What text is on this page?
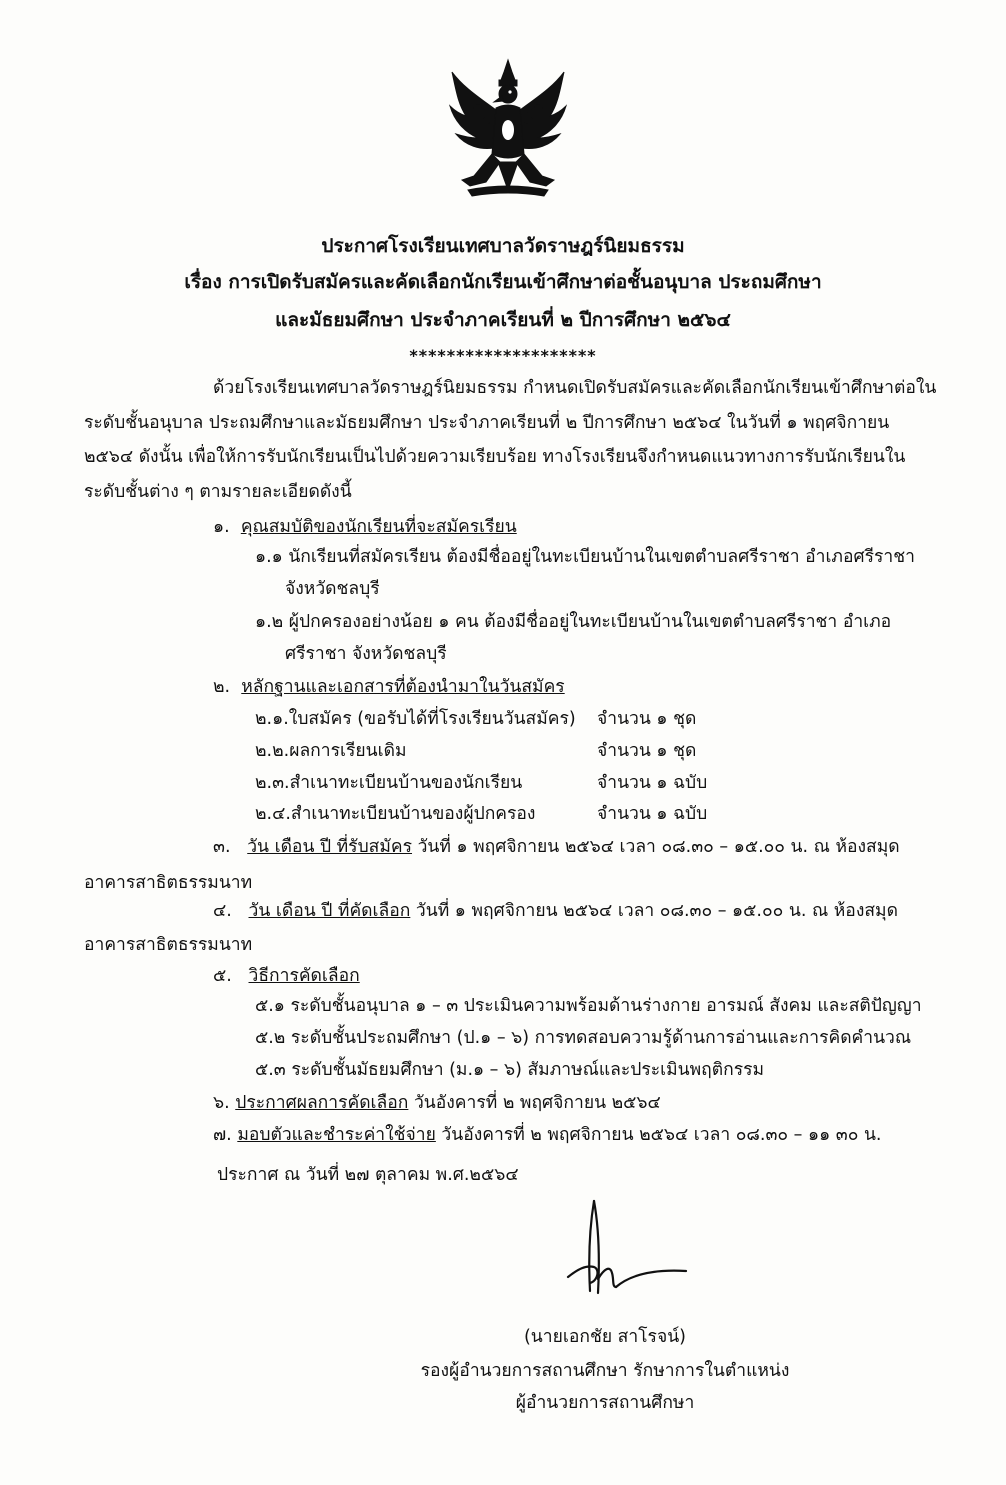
ประกาศโรงเรียนเทศบาลวัดราษฎร์นิยมธรรม
เรื่อง การเปิดรับสมัครและคัดเลือกนักเรียนเข้าศึกษาต่อชั้นอนุบาล ประถมศึกษา
และมัธยมศึกษา ประจำภาคเรียนที่ ๒ ปีการศึกษา ๒๕๖๔
********************
ด้วยโรงเรียนเทศบาลวัดราษฎร์นิยมธรรม กำหนดเปิดรับสมัครและคัดเลือกนักเรียนเข้าศึกษาต่อใน
ระดับชั้นอนุบาล ประถมศึกษาและมัธยมศึกษา ประจำภาคเรียนที่ ๒ ปีการศึกษา ๒๕๖๔ ในวันที่ ๑ พฤศจิกายน
๒๕๖๔ ดังนั้น เพื่อให้การรับนักเรียนเป็นไปด้วยความเรียบร้อย ทางโรงเรียนจึงกำหนดแนวทางการรับนักเรียนใน
ระดับชั้นต่าง ๆ ตามรายละเอียดดังนี้
๑. คุณสมบัติของนักเรียนที่จะสมัครเรียน
๑.๑ นักเรียนที่สมัครเรียน ต้องมีชื่ออยู่ในทะเบียนบ้านในเขตตำบลศรีราชา อำเภอศรีราชา
จังหวัดชลบุรี
๑.๒ ผู้ปกครองอย่างน้อย ๑ คน ต้องมีชื่ออยู่ในทะเบียนบ้านในเขตตำบลศรีราชา อำเภอ
ศรีราชา จังหวัดชลบุรี
๒. หลักฐานและเอกสารที่ต้องนำมาในวันสมัคร
๒.๑.ใบสมัคร (ขอรับได้ที่โรงเรียนวันสมัคร) จำนวน ๑ ชุด
๒.๒.ผลการเรียนเดิม	จำนวน ๑ ชุด
๒.๓.สำเนาทะเบียนบ้านของนักเรียน	จำนวน ๑ ฉบับ
๒.๔.สำเนาทะเบียนบ้านของผู้ปกครอง	จำนวน ๑ ฉบับ
๓. วัน เดือน ปี ที่รับสมัคร วันที่ ๑ พฤศจิกายน ๒๕๖๔ เวลา ๐๘.๓๐ – ๑๕.๐๐ น. ณ ห้องสมุด
อาคารสาธิตธรรมนาท
๔. วัน เดือน ปี ที่คัดเลือก วันที่ ๑ พฤศจิกายน ๒๕๖๔ เวลา ๐๘.๓๐ – ๑๕.๐๐ น. ณ ห้องสมุด
อาคารสาธิตธรรมนาท
๕. วิธีการคัดเลือก
๕.๑ ระดับชั้นอนุบาล ๑ – ๓ ประเมินความพร้อมด้านร่างกาย อารมณ์ สังคม และสติปัญญา
๕.๒ ระดับชั้นประถมศึกษา (ป.๑ – ๖) การทดสอบความรู้ด้านการอ่านและการคิดคำนวณ
๕.๓ ระดับชั้นมัธยมศึกษา (ม.๑ – ๖) สัมภาษณ์และประเมินพฤติกรรม
๖. ประกาศผลการคัดเลือก วันอังคารที่ ๒ พฤศจิกายน ๒๕๖๔
๗. มอบตัวและชำระค่าใช้จ่าย วันอังคารที่ ๒ พฤศจิกายน ๒๕๖๔ เวลา ๐๘.๓๐ – ๑๑ ๓๐ น.
ประกาศ ณ วันที่ ๒๗ ตุลาคม พ.ศ.๒๕๖๔
(นายเอกชัย สาโรจน์)
รองผู้อำนวยการสถานศึกษา รักษาการในตำแหน่ง
ผู้อำนวยการสถานศึกษา
